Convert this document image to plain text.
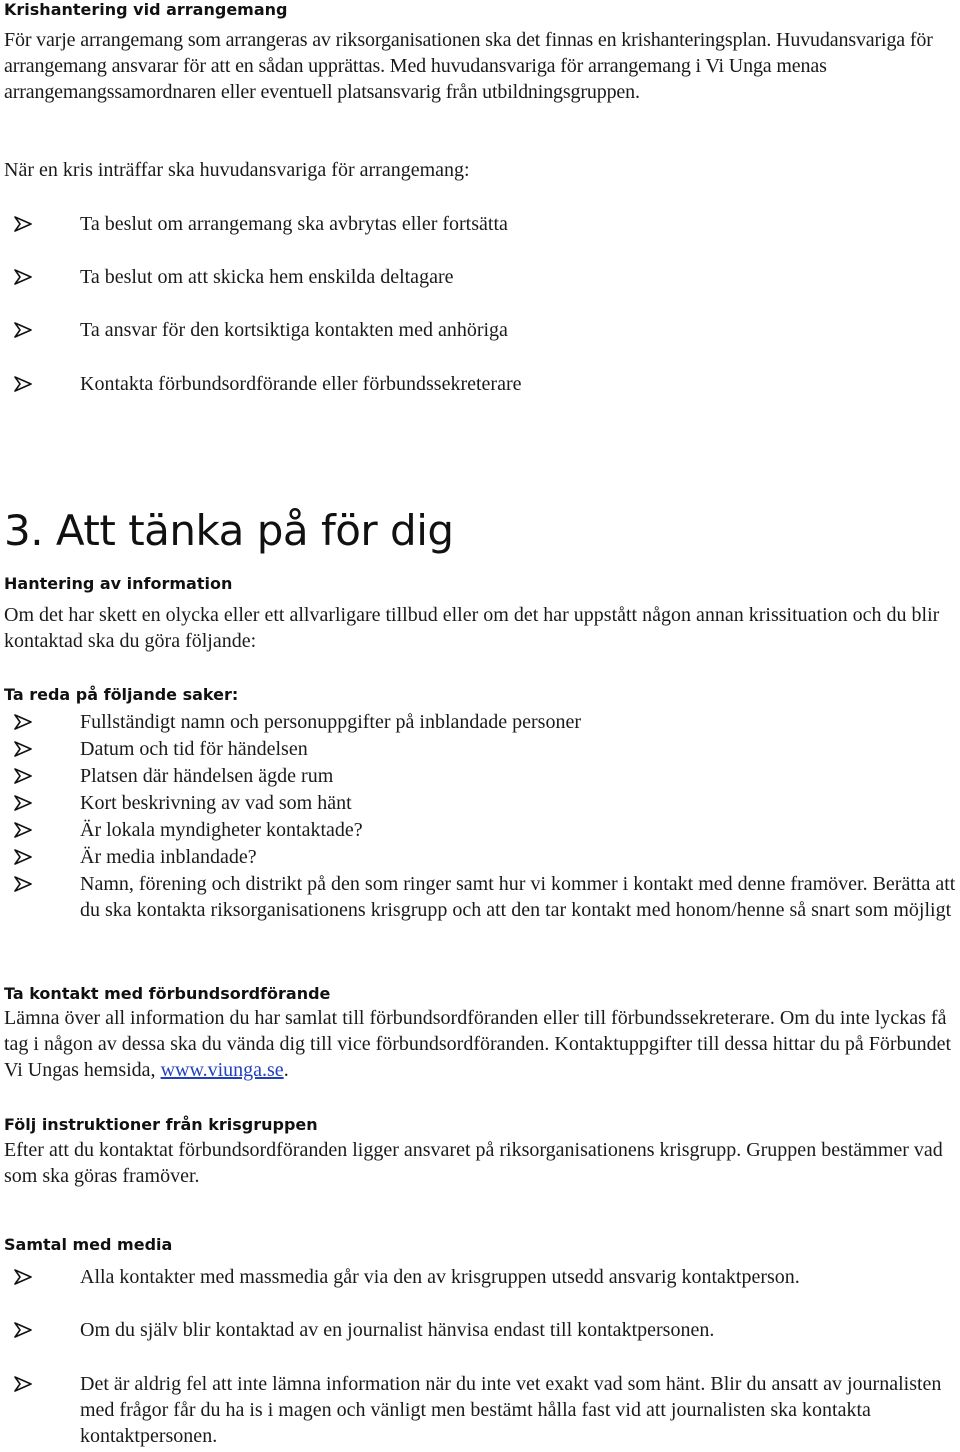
Krishantering vid arrangemang

För varje arrangemang som arrangeras av riksorganisationen ska det finnas en krishanteringsplan. Huvudansvariga för arrangemang ansvarar för att en sådan upprättas. Med huvudansvariga för arrangemang i Vi Unga menas arrangemangssamordnaren eller eventuell platsansvarig från utbildningsgruppen.

När en kris inträffar ska huvudansvariga för arrangemang:

Ta beslut om arrangemang ska avbrytas eller fortsätta
Ta beslut om att skicka hem enskilda deltagare
Ta ansvar för den kortsiktiga kontakten med anhöriga
Kontakta förbundsordförande eller förbundssekreterare
3. Att tänka på för dig
Hantering av information

Om det har skett en olycka eller ett allvarligare tillbud eller om det har uppstått någon annan krissituation och du blir kontaktad ska du göra följande:

Ta reda på följande saker:
Fullständigt namn och personuppgifter på inblandade personer
Datum och tid för händelsen
Platsen där händelsen ägde rum
Kort beskrivning av vad som hänt
Är lokala myndigheter kontaktade?
Är media inblandade?
Namn, förening och distrikt på den som ringer samt hur vi kommer i kontakt med denne framöver. Berätta att du ska kontakta riksorganisationens krisgrupp och att den tar kontakt med honom/henne så snart som möjligt
Ta kontakt med förbundsordförande

Lämna över all information du har samlat till förbundsordföranden eller till förbundssekreterare. Om du inte lyckas få tag i någon av dessa ska du vända dig till vice förbundsordföranden. Kontaktuppgifter till dessa hittar du på Förbundet Vi Ungas hemsida, www.viunga.se.

Följ instruktioner från krisgruppen

Efter att du kontaktat förbundsordföranden ligger ansvaret på riksorganisationens krisgrupp. Gruppen bestämmer vad som ska göras framöver.

Samtal med media
Alla kontakter med massmedia går via den av krisgruppen utsedd ansvarig kontaktperson.
Om du själv blir kontaktad av en journalist hänvisa endast till kontaktpersonen.
Det är aldrig fel att inte lämna information när du inte vet exakt vad som hänt. Blir du ansatt av journalisten med frågor får du ha is i magen och vänligt men bestämt hålla fast vid att journalisten ska kontakta kontaktpersonen.
